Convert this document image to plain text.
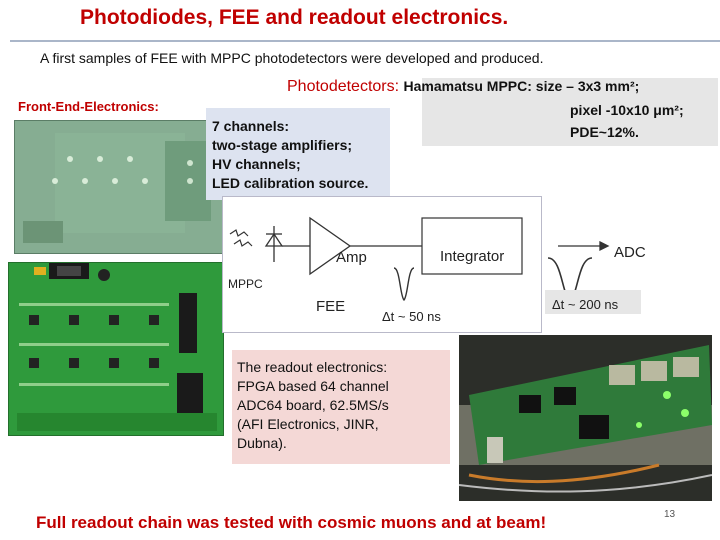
Photodiodes, FEE and readout electronics.
A first samples of FEE with MPPC photodetectors were developed and produced.
Photodetectors: Hamamatsu MPPC: size – 3x3 mm²;
pixel -10x10 μm²;
PDE~12%.
Front-End-Electronics:
7 channels:
two-stage amplifiers;
HV channels;
LED calibration source.
Amp	Integrator
MPPC
FEE
Δt ~ 50 ns
ADC
Δt ~ 200 ns
The readout electronics:
FPGA based 64 channel
ADC64 board, 62.5MS/s
(AFI Electronics, JINR,
Dubna).
Full readout chain was tested with cosmic muons and at beam!	13
